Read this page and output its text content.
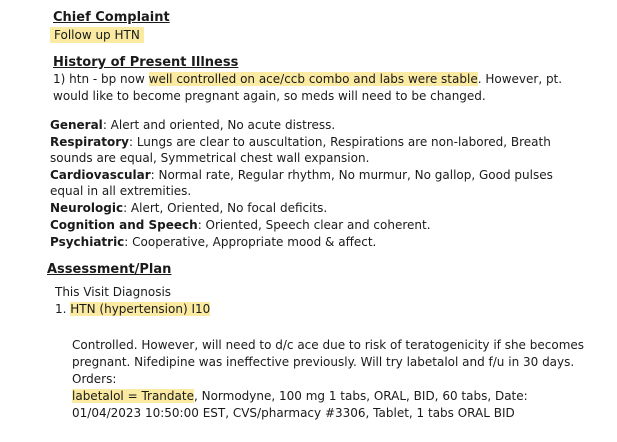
Chief Complaint
Follow up HTN
History of Present Illness
1) htn - bp now well controlled on ace/ccb combo and labs were stable. However, pt.
would like to become pregnant again, so meds will need to be changed.
General: Alert and oriented, No acute distress.
Respiratory: Lungs are clear to auscultation, Respirations are non-labored, Breath
sounds are equal, Symmetrical chest wall expansion.
Cardiovascular: Normal rate, Regular rhythm, No murmur, No gallop, Good pulses
equal in all extremities.
Neurologic: Alert, Oriented, No focal deficits.
Cognition and Speech: Oriented, Speech clear and coherent.
Psychiatric: Cooperative, Appropriate mood & affect.
Assessment/Plan
This Visit Diagnosis
1. HTN (hypertension) I10
Controlled. However, will need to d/c ace due to risk of teratogenicity if she becomes
pregnant. Nifedipine was ineffective previously. Will try labetalol and f/u in 30 days.
Orders:
labetalol = Trandate, Normodyne, 100 mg 1 tabs, ORAL, BID, 60 tabs, Date:
01/04/2023 10:50:00 EST, CVS/pharmacy #3306, Tablet, 1 tabs ORAL BID
